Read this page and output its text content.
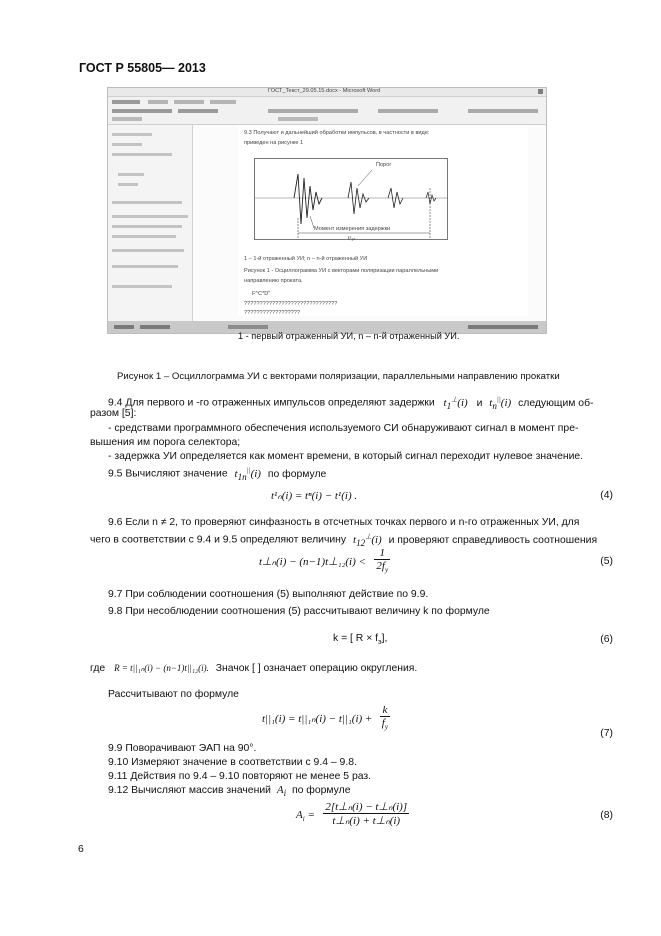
ГОСТ Р 55805— 2013
ГОСТ_Текст_29.05.15.docx - Microsoft Word
9.3 Получают и дальнейший обработки импульсов, в частности в виде:
приведен на рисунке 1
Порог
Момент измерения задержки
t¹₁ₙ
1 – 1-й отраженный УИ; n – n-й отраженный УИ
Рисунок 1 - Осциллограмма УИ с векторами поляризации параллельными
направлению проката.
F^C*D"
??????????????????????????????
??????????????????
1 - первый отраженный УИ, n – n-й отраженный УИ.
Рисунок 1 – Осциллограмма УИ с векторами поляризации, параллельными направлению прокатки
9.4 Для первого и -го отраженных импульсов определяют задержки $t_1^\perp(i)$ и $t_n^{||}(i)$ следующим об-
разом [5]:
- средствами программного обеспечения используемого СИ обнаруживают сигнал в момент пре-
вышения им порога селектора;
- задержка УИ определяется как момент времени, в который сигнал переходит нулевое значение.
9.5 Вычисляют значение $t_{1n}^{||}(i)$ по формуле
t¹ₙ(i) = tⁿ(i) − t¹(i) .	(4)
9.6 Если n ≠ 2, то проверяют синфазность в отсчетных точках первого и n-го отраженных УИ, для
чего в соответствии с 9.4 и 9.5 определяют величину $t_{12}^\perp(i)$ и проверяют справедливость соотношения
t⊥ₙ(i) − (n−1)t⊥₁₂(i) < $\frac{1}{2f_у}$	(5)
9.7 При соблюдении соотношения (5) выполняют действие по 9.9.
9.8 При несоблюдении соотношения (5) рассчитывают величину k по формуле
k = [ $R \times f_э$],	(6)
где R = t||₁ₙ(i) − (n−1)t||₁₂(i). Значок [ ] означает операцию округления.
Рассчитывают по формуле
$t||_1(i) = t||_{1n}(i) - t||_1(i) + \frac{k}{f_у}$
(7)
9.9 Поворачивают ЭАП на 90°.
9.10 Измеряют значение в соответствии с 9.4 – 9.8.
9.11 Действия по 9.4 – 9.10 повторяют не менее 5 раз.
9.12 Вычисляют массив значений $A_i$ по формуле
$A_i = \frac{\text{2[t⊥ₙ(i) − t⊥ₙ(i)]}}{\text{t⊥ₙ(i) + t⊥ₙ(i)}}$	(8)
6
